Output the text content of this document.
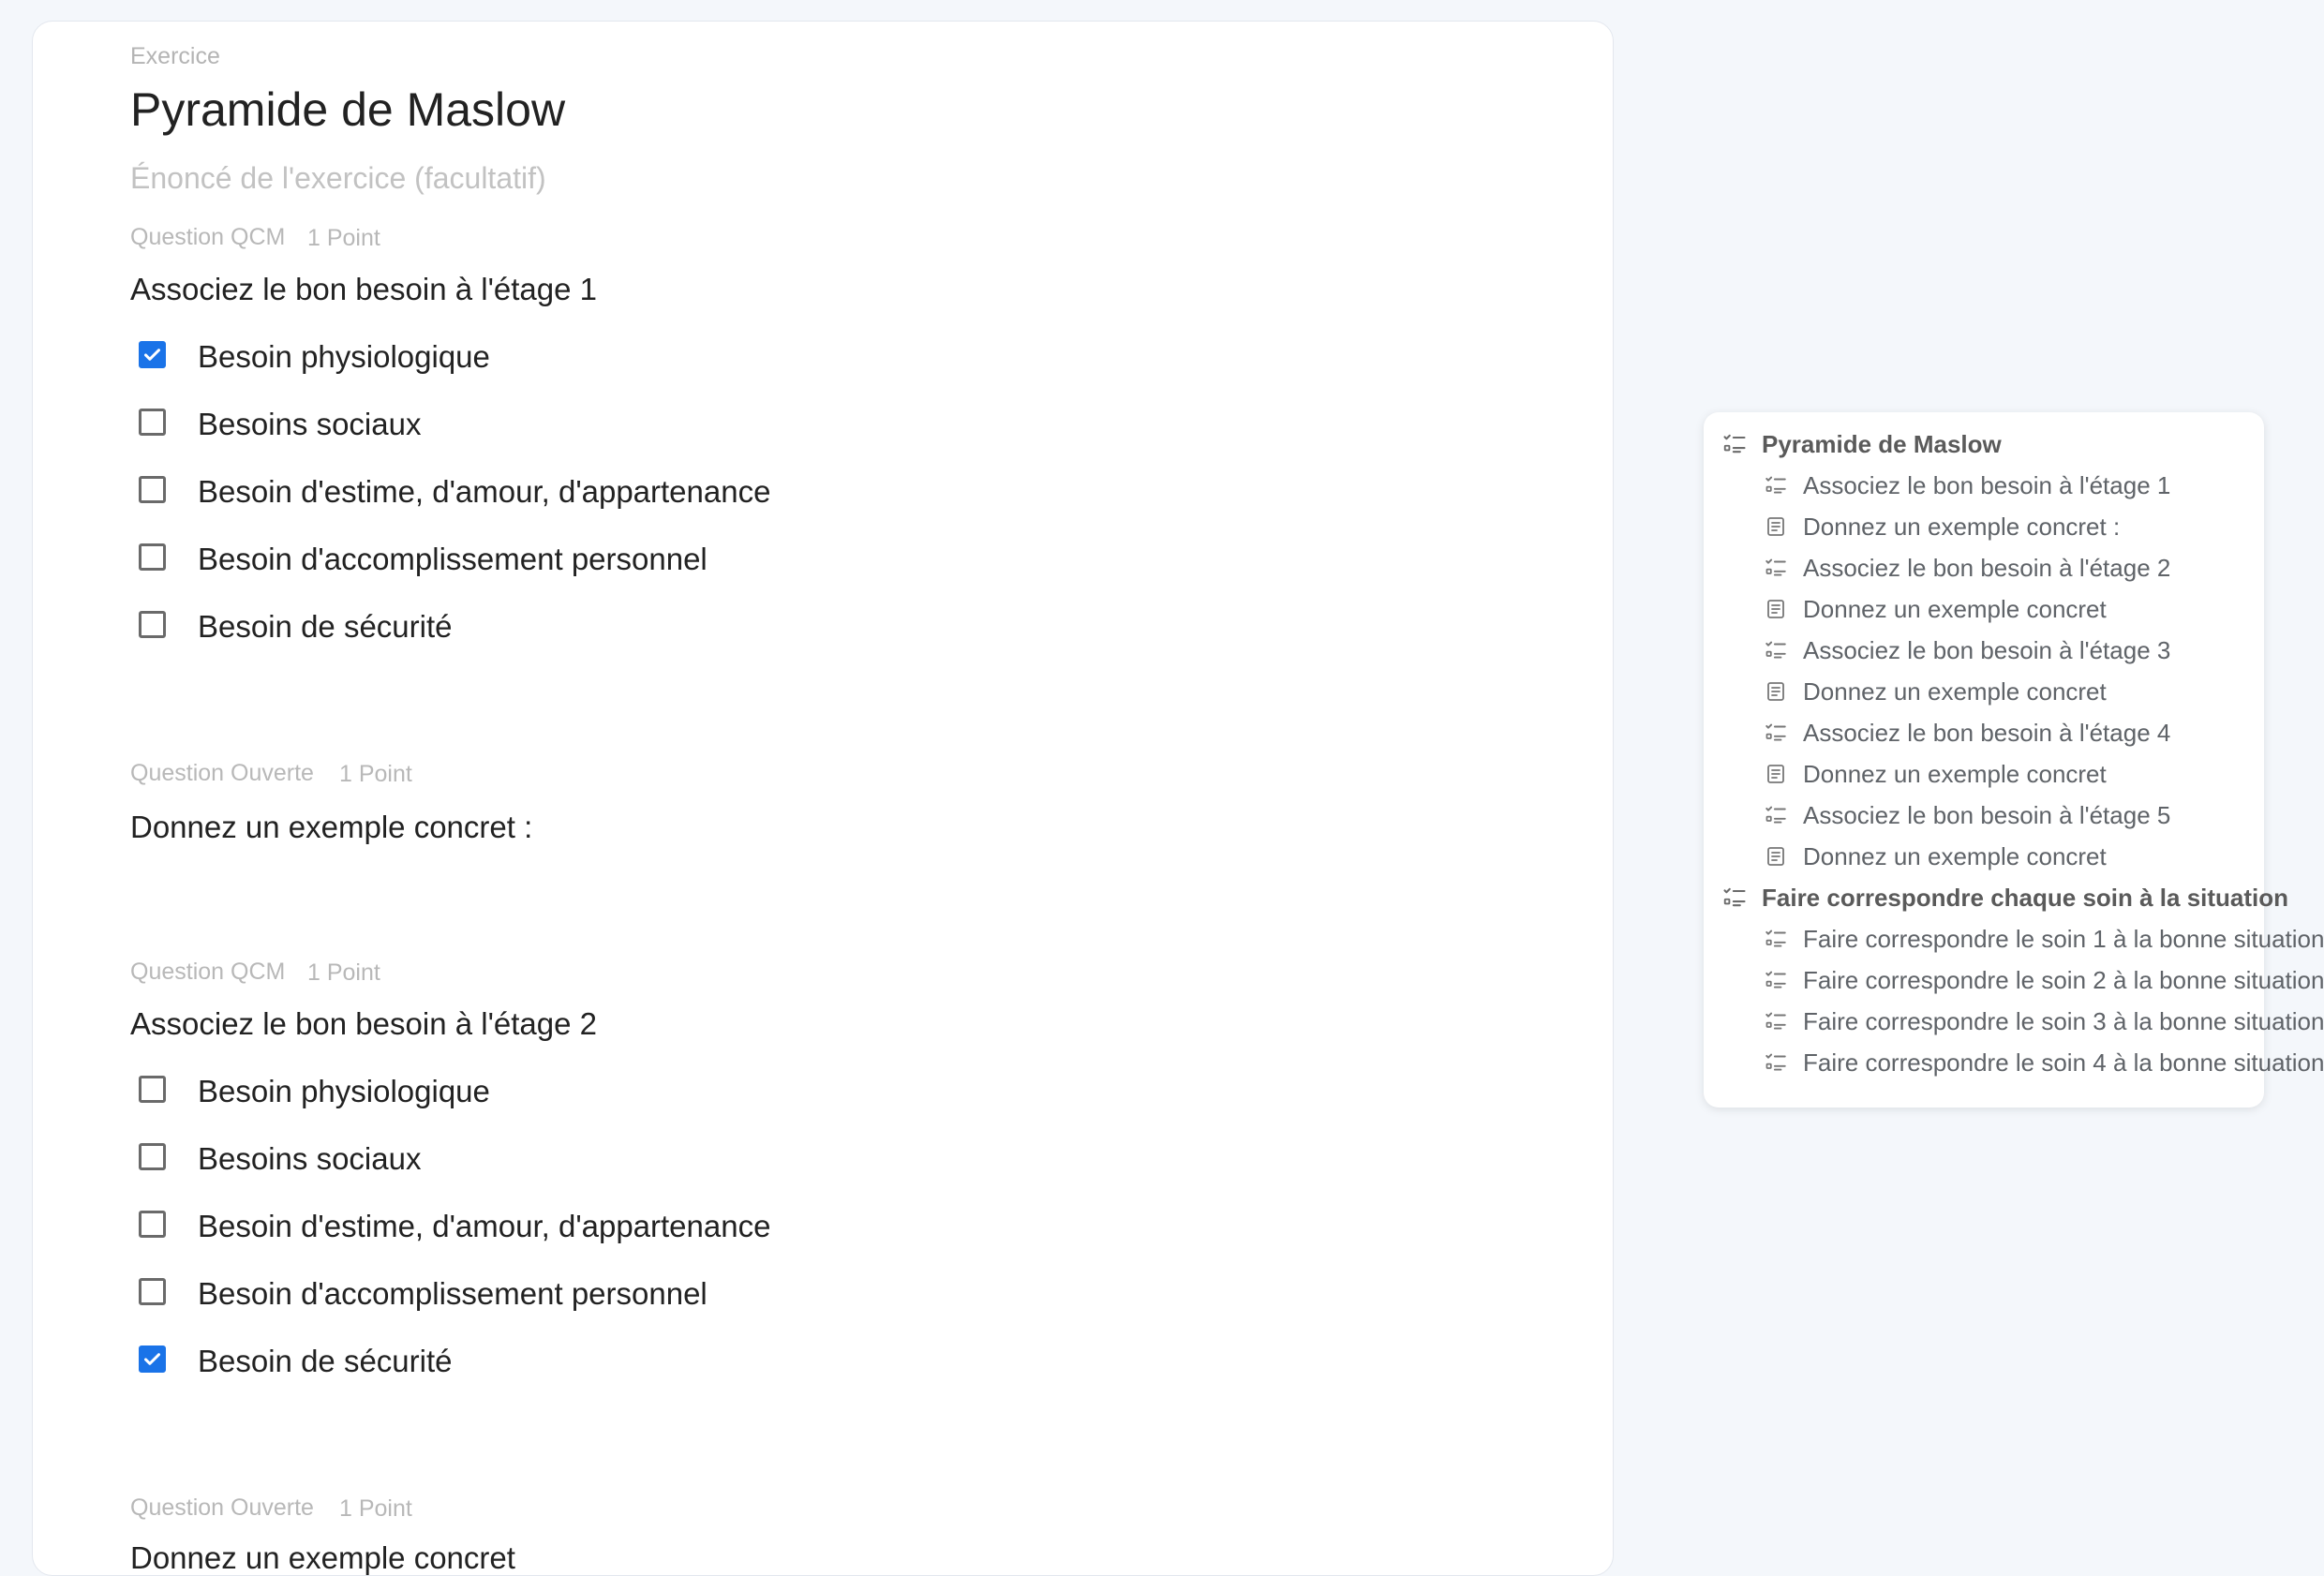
Exercice
Pyramide de Maslow
Énoncé de l'exercice (facultatif)
Question QCM 1 Point
Associez le bon besoin à l'étage 1
Besoin physiologique
Besoins sociaux
Besoin d'estime, d'amour, d'appartenance
Besoin d'accomplissement personnel
Besoin de sécurité
Question Ouverte 1 Point
Donnez un exemple concret :
Question QCM 1 Point
Associez le bon besoin à l'étage 2
Besoin physiologique
Besoins sociaux
Besoin d'estime, d'amour, d'appartenance
Besoin d'accomplissement personnel
Besoin de sécurité
Question Ouverte 1 Point
Donnez un exemple concret
Pyramide de Maslow
Associez le bon besoin à l'étage 1
Donnez un exemple concret :
Associez le bon besoin à l'étage 2
Donnez un exemple concret
Associez le bon besoin à l'étage 3
Donnez un exemple concret
Associez le bon besoin à l'étage 4
Donnez un exemple concret
Associez le bon besoin à l'étage 5
Donnez un exemple concret
Faire correspondre chaque soin à la situation
Faire correspondre le soin 1 à la bonne situation
Faire correspondre le soin 2 à la bonne situation
Faire correspondre le soin 3 à la bonne situation
Faire correspondre le soin 4 à la bonne situation
